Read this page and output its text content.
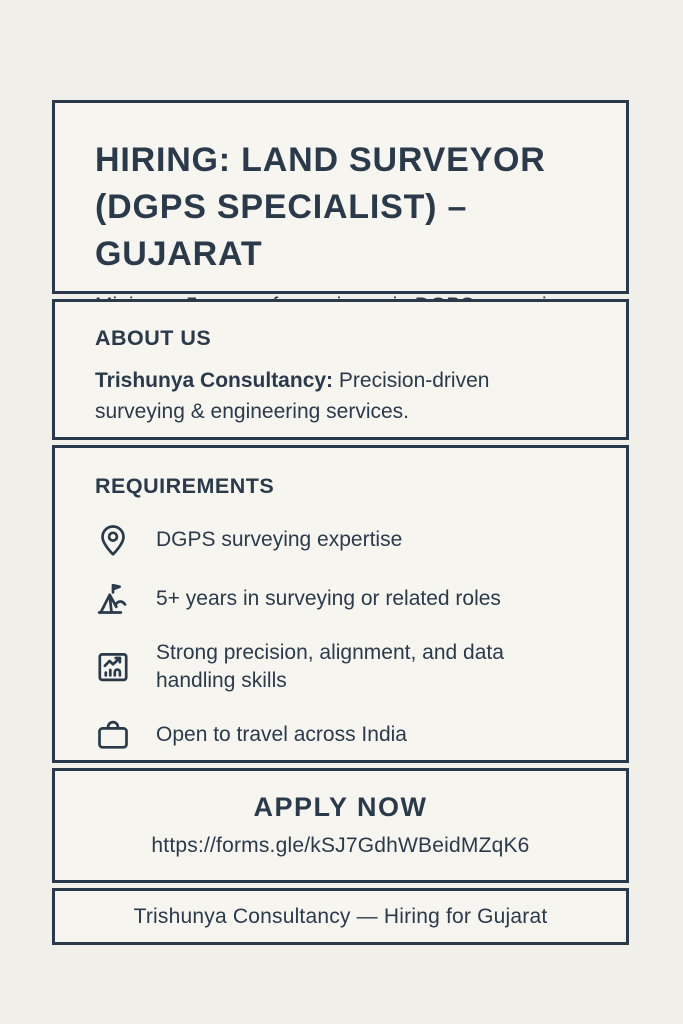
HIRING: LAND SURVEYOR
(DGPS SPECIALIST) – GUJARAT

ABOUT US

Trishunya Consultancy: Precision-driven surveying & engineering services.

REQUIREMENTS
DGPS surveying expertise
5+ years in surveying or related roles
Strong precision, alignment, and data handling skills
Open to travel across India
APPLY NOW
https://forms.gle/kSJ7GdhWBeidMZqK6

Trishunya Consultancy — Hiring for Gujarat
